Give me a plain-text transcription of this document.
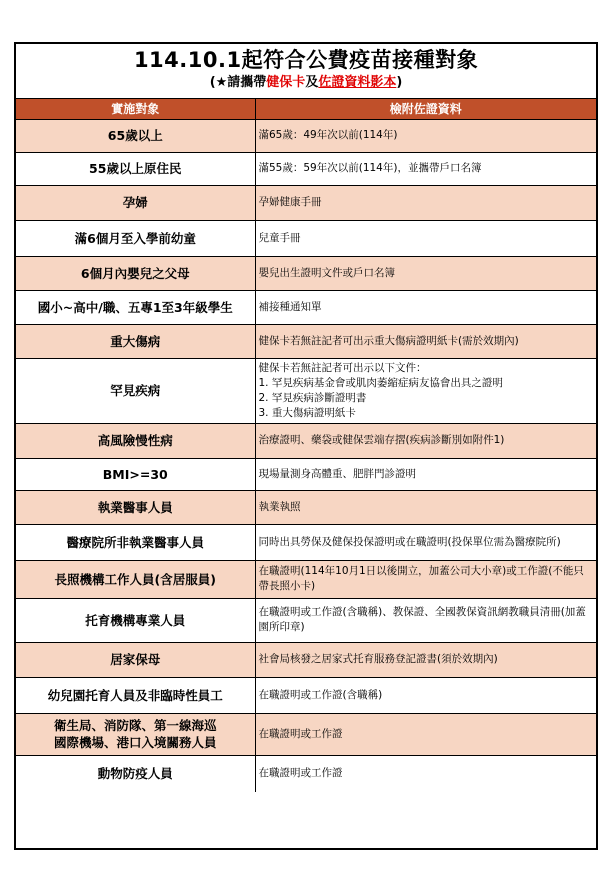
114.10.1起符合公費疫苗接種對象
(★請攜帶健保卡及佐證資料影本)
實施對象	檢附佐證資料
65歲以上	滿65歲：49年次以前(114年)

55歲以上原住民	滿55歲：59年次以前(114年)，並攜帶戶口名簿

孕婦	孕婦健康手冊

滿6個月至入學前幼童	兒童手冊

6個月內嬰兒之父母	嬰兒出生證明文件或戶口名簿

國小~高中/職、五專1至3年級學生	補接種通知單

重大傷病	健保卡若無註記者可出示重大傷病證明紙卡(需於效期內)

罕見疾病	健保卡若無註記者可出示以下文件：
1. 罕見疾病基金會或肌肉萎縮症病友協會出具之證明
2. 罕見疾病診斷證明書
3. 重大傷病證明紙卡

高風險慢性病	治療證明、藥袋或健保雲端存摺(疾病診斷別如附件1)

BMI>=30	現場量測身高體重、肥胖門診證明

執業醫事人員	執業執照

醫療院所非執業醫事人員	同時出具勞保及健保投保證明或在職證明(投保單位需為醫療院所)

長照機構工作人員(含居服員)	在職證明(114年10月1日以後開立，加蓋公司大小章)或工作證(不能只帶長照小卡)

托育機構專業人員	在職證明或工作證(含職稱)、教保證、全國教保資訊網教職員清冊(加蓋園所印章)

居家保母	社會局核發之居家式托育服務登記證書(須於效期內)

幼兒園托育人員及非臨時性員工	在職證明或工作證(含職稱)

衛生局、消防隊、第一線海巡
國際機場、港口入境關務人員	在職證明或工作證

動物防疫人員	在職證明或工作證
